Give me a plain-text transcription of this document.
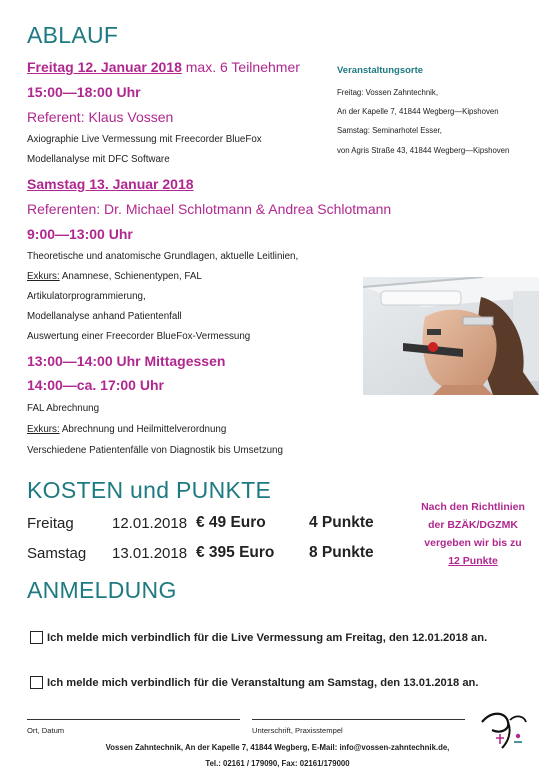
ABLAUF
Freitag 12. Januar 2018 max. 6 Teilnehmer
15:00—18:00 Uhr
Referent: Klaus Vossen
Axiographie Live Vermessung mit Freecorder BlueFox
Modellanalyse mit DFC Software
Veranstaltungsorte
Freitag: Vossen Zahntechnik,
An der Kapelle 7, 41844 Wegberg—Kipshoven
Samstag: Seminarhotel Esser,
von Agris Straße 43, 41844 Wegberg—Kipshoven
Samstag 13. Januar 2018
Referenten: Dr. Michael Schlotmann & Andrea Schlotmann
9:00—13:00 Uhr
Theoretische und anatomische Grundlagen, aktuelle Leitlinien,
Exkurs: Anamnese, Schienentypen, FAL
Artikulatorprogrammierung,
Modellanalyse anhand Patientenfall
Auswertung einer Freecorder BlueFox-Vermessung
13:00—14:00 Uhr Mittagessen
14:00—ca. 17:00 Uhr
FAL Abrechnung
Exkurs: Abrechnung und Heilmittelverordnung
Verschiedene Patientenfälle von Diagnostik bis Umsetzung
KOSTEN und PUNKTE
Freitag	12.01.2018 € 49 Euro	4 Punkte
Samstag 13.01.2018 € 395 Euro 8 Punkte
Nach den Richtlinien
der BZÄK/DGZMK
vergeben wir bis zu
12 Punkte
ANMELDUNG
Ich melde mich verbindlich für die Live Vermessung am Freitag, den 12.01.2018 an.
Ich melde mich verbindlich für die Veranstaltung am Samstag, den 13.01.2018 an.
Ort, Datum	Unterschrift, Praxisstempel
Vossen Zahntechnik, An der Kapelle 7, 41844 Wegberg, E-Mail: info@vossen-zahntechnik.de,
Tel.: 02161 / 179090, Fax: 02161/179000
